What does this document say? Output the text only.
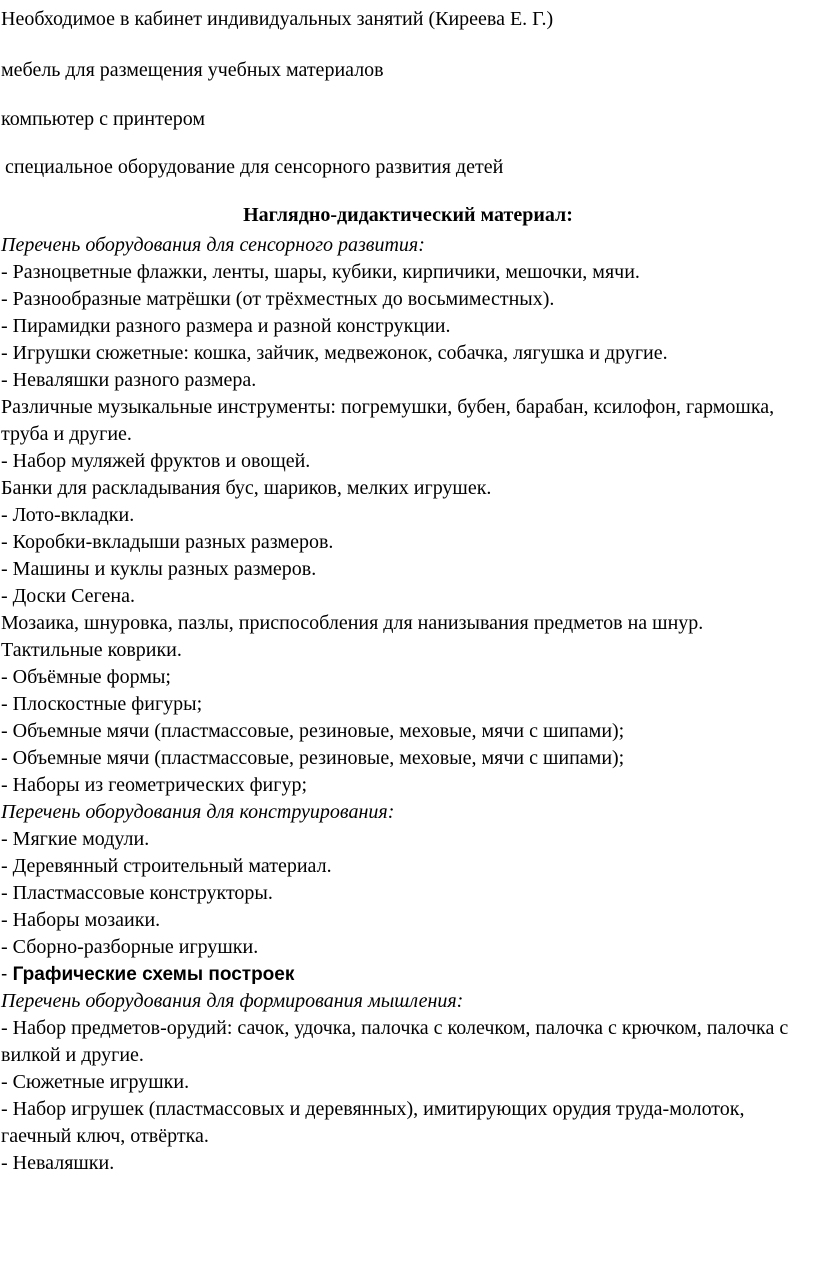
Необходимое в кабинет индивидуальных занятий (Киреева Е. Г.)
мебель для размещения учебных материалов
компьютер с принтером
специальное оборудование для сенсорного развития детей
Наглядно-дидактический материал:
Перечень оборудования для сенсорного развития:
- Разноцветные флажки, ленты, шары, кубики, кирпичики, мешочки, мячи.
- Разнообразные матрёшки (от трёхместных до восьмиместных).
- Пирамидки разного размера и разной конструкции.
- Игрушки сюжетные: кошка, зайчик, медвежонок, собачка, лягушка и другие.
- Неваляшки разного размера.
Различные музыкальные инструменты: погремушки, бубен, барабан, ксилофон, гармошка, труба и другие.
- Набор муляжей фруктов и овощей.
Банки для раскладывания бус, шариков, мелких игрушек.
- Лото-вкладки.
- Коробки-вкладыши разных размеров.
- Машины и куклы разных размеров.
- Доски Сегена.
Мозаика, шнуровка, пазлы, приспособления для нанизывания предметов на шнур.
Тактильные коврики.
- Объёмные формы;
- Плоскостные фигуры;
- Объемные мячи (пластмассовые, резиновые, меховые, мячи с шипами);
- Объемные мячи (пластмассовые, резиновые, меховые, мячи с шипами);
- Наборы из геометрических фигур;
Перечень оборудования для конструирования:
- Мягкие модули.
- Деревянный строительный материал.
- Пластмассовые конструкторы.
- Наборы мозаики.
- Сборно-разборные игрушки.
- Графические схемы построек
Перечень оборудования для формирования мышления:
- Набор предметов-орудий: сачок, удочка, палочка с колечком, палочка с крючком, палочка с вилкой и другие.
- Сюжетные игрушки.
- Набор игрушек (пластмассовых и деревянных), имитирующих орудия труда-молоток, гаечный ключ, отвёртка.
- Неваляшки.
